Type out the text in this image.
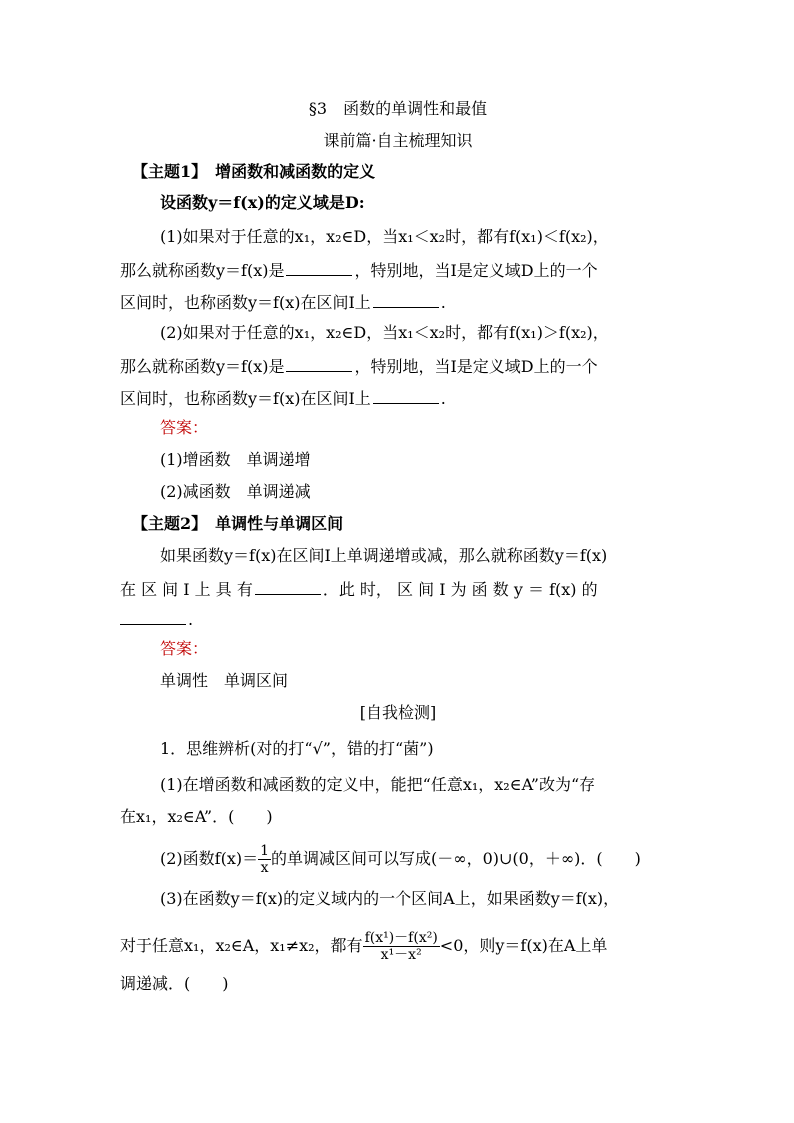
§3　函数的单调性和最值
课前篇·自主梳理知识
【主题1】　增函数和减函数的定义
设函数y＝f(x)的定义域是D:
(1)如果对于任意的x₁，x₂∈D，当x₁＜x₂时，都有f(x₁)＜f(x₂)，
那么就称函数y＝f(x)是	，特别地，当I是定义域D上的一个
区间时，也称函数y＝f(x)在区间I上	.
(2)如果对于任意的x₁，x₂∈D，当x₁＜x₂时，都有f(x₁)＞f(x₂)，
那么就称函数y＝f(x)是	，特别地，当I是定义域D上的一个
区间时，也称函数y＝f(x)在区间I上	.
答案：
(1)增函数　单调递增
(2)减函数　单调递减
【主题2】　单调性与单调区间
如果函数y＝f(x)在区间I上单调递增或减，那么就称函数y＝f(x)
在 区 间 I 上 具 有	．此 时， 区 间 I 为 函 数 y ＝ f(x) 的
.
答案：
单调性　单调区间
[自我检测]
1．思维辨析(对的打“√”，错的打“菌”)
(1)在增函数和减函数的定义中，能把“任意x₁，x₂∈A”改为“存
在x₁，x₂∈A”．(　　)
(2)函数$f(x)= \frac{1}{x}$ 的单调减区间可以写成(－∞，0)∪(0，＋∞)．(　　)
(3)在函数y＝f(x)的定义域内的一个区间A上，如果函数y＝f(x)，
对于任意x₁，x₂∈A，x₁≠x₂，都有 $\frac{\text{f(x¹)－f(x²)}}{\text{x¹－x²}} <0$，则y＝f(x)在A上单
调递减．(　　)
